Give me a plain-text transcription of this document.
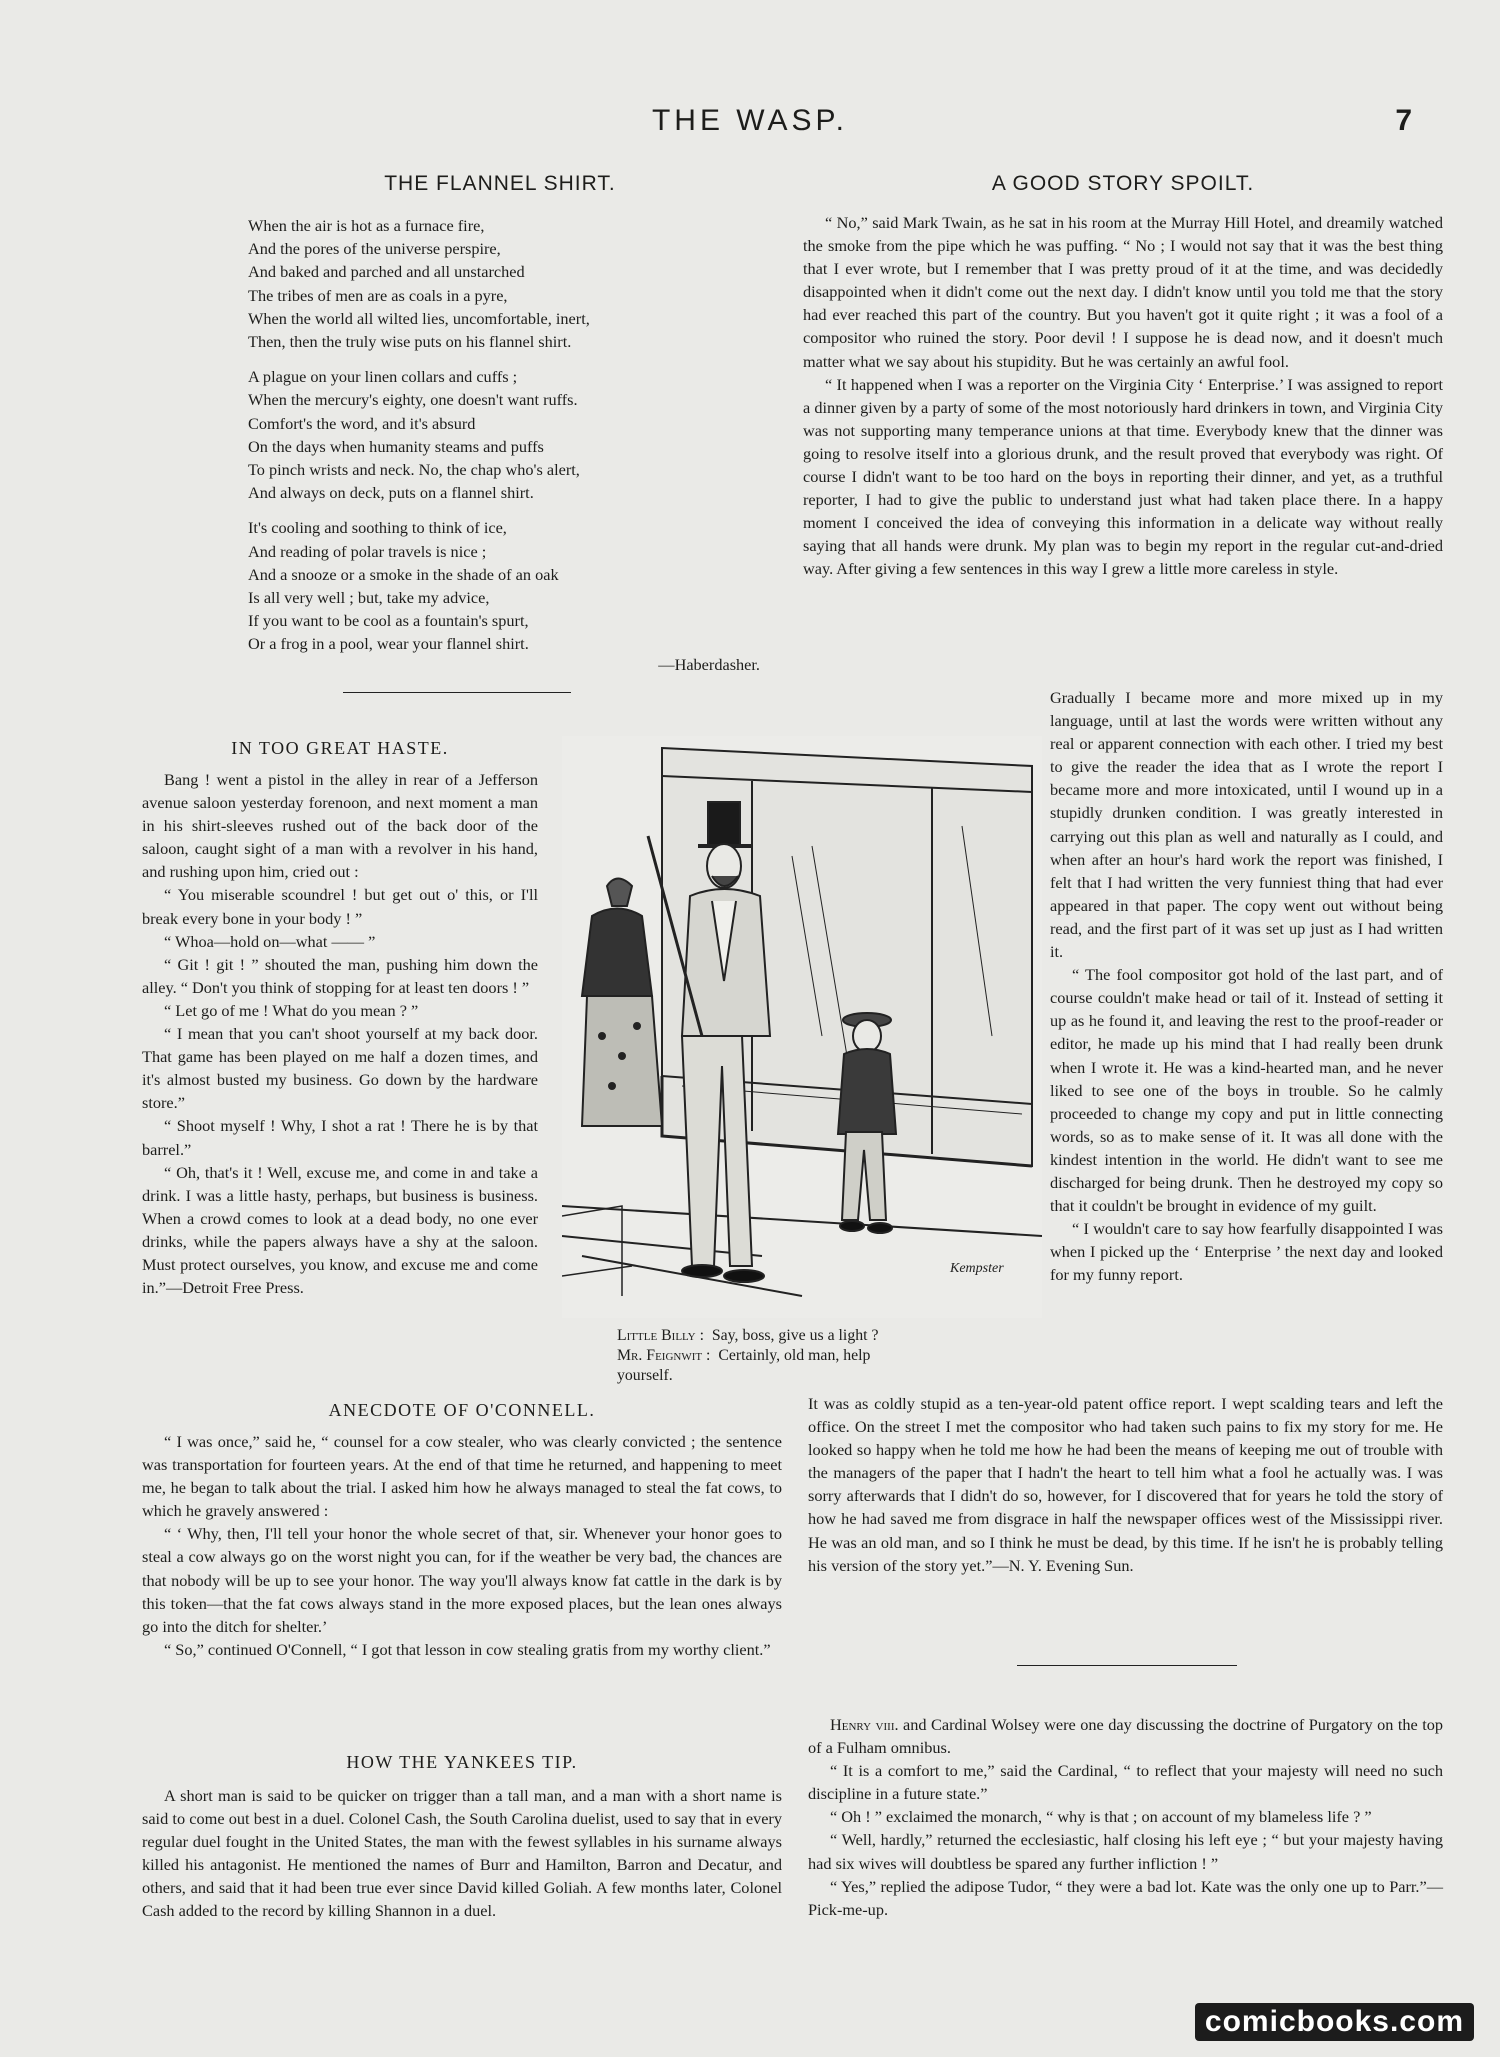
THE WASP.	7
THE FLANNEL SHIRT.
When the air is hot as a furnace fire,
And the pores of the universe perspire,
And baked and parched and all unstarched
The tribes of men are as coals in a pyre,
When the world all wilted lies, uncomfortable, inert,
Then, then the truly wise puts on his flannel shirt.
A plague on your linen collars and cuffs ;
When the mercury's eighty, one doesn't want ruffs.
Comfort's the word, and it's absurd
On the days when humanity steams and puffs
To pinch wrists and neck. No, the chap who's alert,
And always on deck, puts on a flannel shirt.
It's cooling and soothing to think of ice,
And reading of polar travels is nice ;
And a snooze or a smoke in the shade of an oak
Is all very well ; but, take my advice,
If you want to be cool as a fountain's spurt,
Or a frog in a pool, wear your flannel shirt.
—Haberdasher.
IN TOO GREAT HASTE.

Bang ! went a pistol in the alley in rear of a Jefferson avenue saloon yesterday forenoon, and next moment a man in his shirt-sleeves rushed out of the back door of the saloon, caught sight of a man with a revolver in his hand, and rushing upon him, cried out :

“ You miserable scoundrel ! but get out o' this, or I'll break every bone in your body ! ”

“ Whoa—hold on—what —— ”

“ Git ! git ! ” shouted the man, pushing him down the alley. “ Don't you think of stopping for at least ten doors ! ”

“ Let go of me ! What do you mean ? ”

“ I mean that you can't shoot yourself at my back door. That game has been played on me half a dozen times, and it's almost busted my business. Go down by the hardware store.”

“ Shoot myself ! Why, I shot a rat ! There he is by that barrel.”

“ Oh, that's it ! Well, excuse me, and come in and take a drink. I was a little hasty, perhaps, but business is business. When a crowd comes to look at a dead body, no one ever drinks, while the papers always have a shy at the saloon. Must protect ourselves, you know, and excuse me and come in.”—Detroit Free Press.

Kempster
Little Billy : Say, boss, give us a light ?
Mr. Feignwit : Certainly, old man, help
yourself.
A GOOD STORY SPOILT.

“ No,” said Mark Twain, as he sat in his room at the Murray Hill Hotel, and dreamily watched the smoke from the pipe which he was puffing. “ No ; I would not say that it was the best thing that I ever wrote, but I remember that I was pretty proud of it at the time, and was decidedly disappointed when it didn't come out the next day. I didn't know until you told me that the story had ever reached this part of the country. But you haven't got it quite right ; it was a fool of a compositor who ruined the story. Poor devil ! I suppose he is dead now, and it doesn't much matter what we say about his stupidity. But he was certainly an awful fool.

“ It happened when I was a reporter on the Virginia City ‘ Enterprise.’ I was assigned to report a dinner given by a party of some of the most notoriously hard drinkers in town, and Virginia City was not supporting many temperance unions at that time. Everybody knew that the dinner was going to resolve itself into a glorious drunk, and the result proved that everybody was right. Of course I didn't want to be too hard on the boys in reporting their dinner, and yet, as a truthful reporter, I had to give the public to understand just what had taken place there. In a happy moment I conceived the idea of conveying this information in a delicate way without really saying that all hands were drunk. My plan was to begin my report in the regular cut-and-dried way. After giving a few sentences in this way I grew a little more careless in style.

Gradually I became more and more mixed up in my language, until at last the words were written without any real or apparent connection with each other. I tried my best to give the reader the idea that as I wrote the report I became more and more intoxicated, until I wound up in a stupidly drunken condition. I was greatly interested in carrying out this plan as well and naturally as I could, and when after an hour's hard work the report was finished, I felt that I had written the very funniest thing that had ever appeared in that paper. The copy went out without being read, and the first part of it was set up just as I had written it.

“ The fool compositor got hold of the last part, and of course couldn't make head or tail of it. Instead of setting it up as he found it, and leaving the rest to the proof-reader or editor, he made up his mind that I had really been drunk when I wrote it. He was a kind-hearted man, and he never liked to see one of the boys in trouble. So he calmly proceeded to change my copy and put in little connecting words, so as to make sense of it. It was all done with the kindest intention in the world. He didn't want to see me discharged for being drunk. Then he destroyed my copy so that it couldn't be brought in evidence of my guilt.

“ I wouldn't care to say how fearfully disappointed I was when I picked up the ‘ Enterprise ’ the next day and looked for my funny report.

It was as coldly stupid as a ten-year-old patent office report. I wept scalding tears and left the office. On the street I met the compositor who had taken such pains to fix my story for me. He looked so happy when he told me how he had been the means of keeping me out of trouble with the managers of the paper that I hadn't the heart to tell him what a fool he actually was. I was sorry afterwards that I didn't do so, however, for I discovered that for years he told the story of how he had saved me from disgrace in half the newspaper offices west of the Mississippi river. He was an old man, and so I think he must be dead, by this time. If he isn't he is probably telling his version of the story yet.”—N. Y. Evening Sun.

ANECDOTE OF O'CONNELL.

“ I was once,” said he, “ counsel for a cow stealer, who was clearly convicted ; the sentence was transportation for fourteen years. At the end of that time he returned, and happening to meet me, he began to talk about the trial. I asked him how he always managed to steal the fat cows, to which he gravely answered :

“ ‘ Why, then, I'll tell your honor the whole secret of that, sir. Whenever your honor goes to steal a cow always go on the worst night you can, for if the weather be very bad, the chances are that nobody will be up to see your honor. The way you'll always know fat cattle in the dark is by this token—that the fat cows always stand in the more exposed places, but the lean ones always go into the ditch for shelter.’

“ So,” continued O'Connell, “ I got that lesson in cow stealing gratis from my worthy client.”

HOW THE YANKEES TIP.

A short man is said to be quicker on trigger than a tall man, and a man with a short name is said to come out best in a duel. Colonel Cash, the South Carolina duelist, used to say that in every regular duel fought in the United States, the man with the fewest syllables in his surname always killed his antagonist. He mentioned the names of Burr and Hamilton, Barron and Decatur, and others, and said that it had been true ever since David killed Goliah. A few months later, Colonel Cash added to the record by killing Shannon in a duel.

Henry viii. and Cardinal Wolsey were one day discussing the doctrine of Purgatory on the top of a Fulham omnibus.

“ It is a comfort to me,” said the Cardinal, “ to reflect that your majesty will need no such discipline in a future state.”

“ Oh ! ” exclaimed the monarch, “ why is that ; on account of my blameless life ? ”

“ Well, hardly,” returned the ecclesiastic, half closing his left eye ; “ but your majesty having had six wives will doubtless be spared any further infliction ! ”

“ Yes,” replied the adipose Tudor, “ they were a bad lot. Kate was the only one up to Parr.”—Pick-me-up.

comicbooks.com
